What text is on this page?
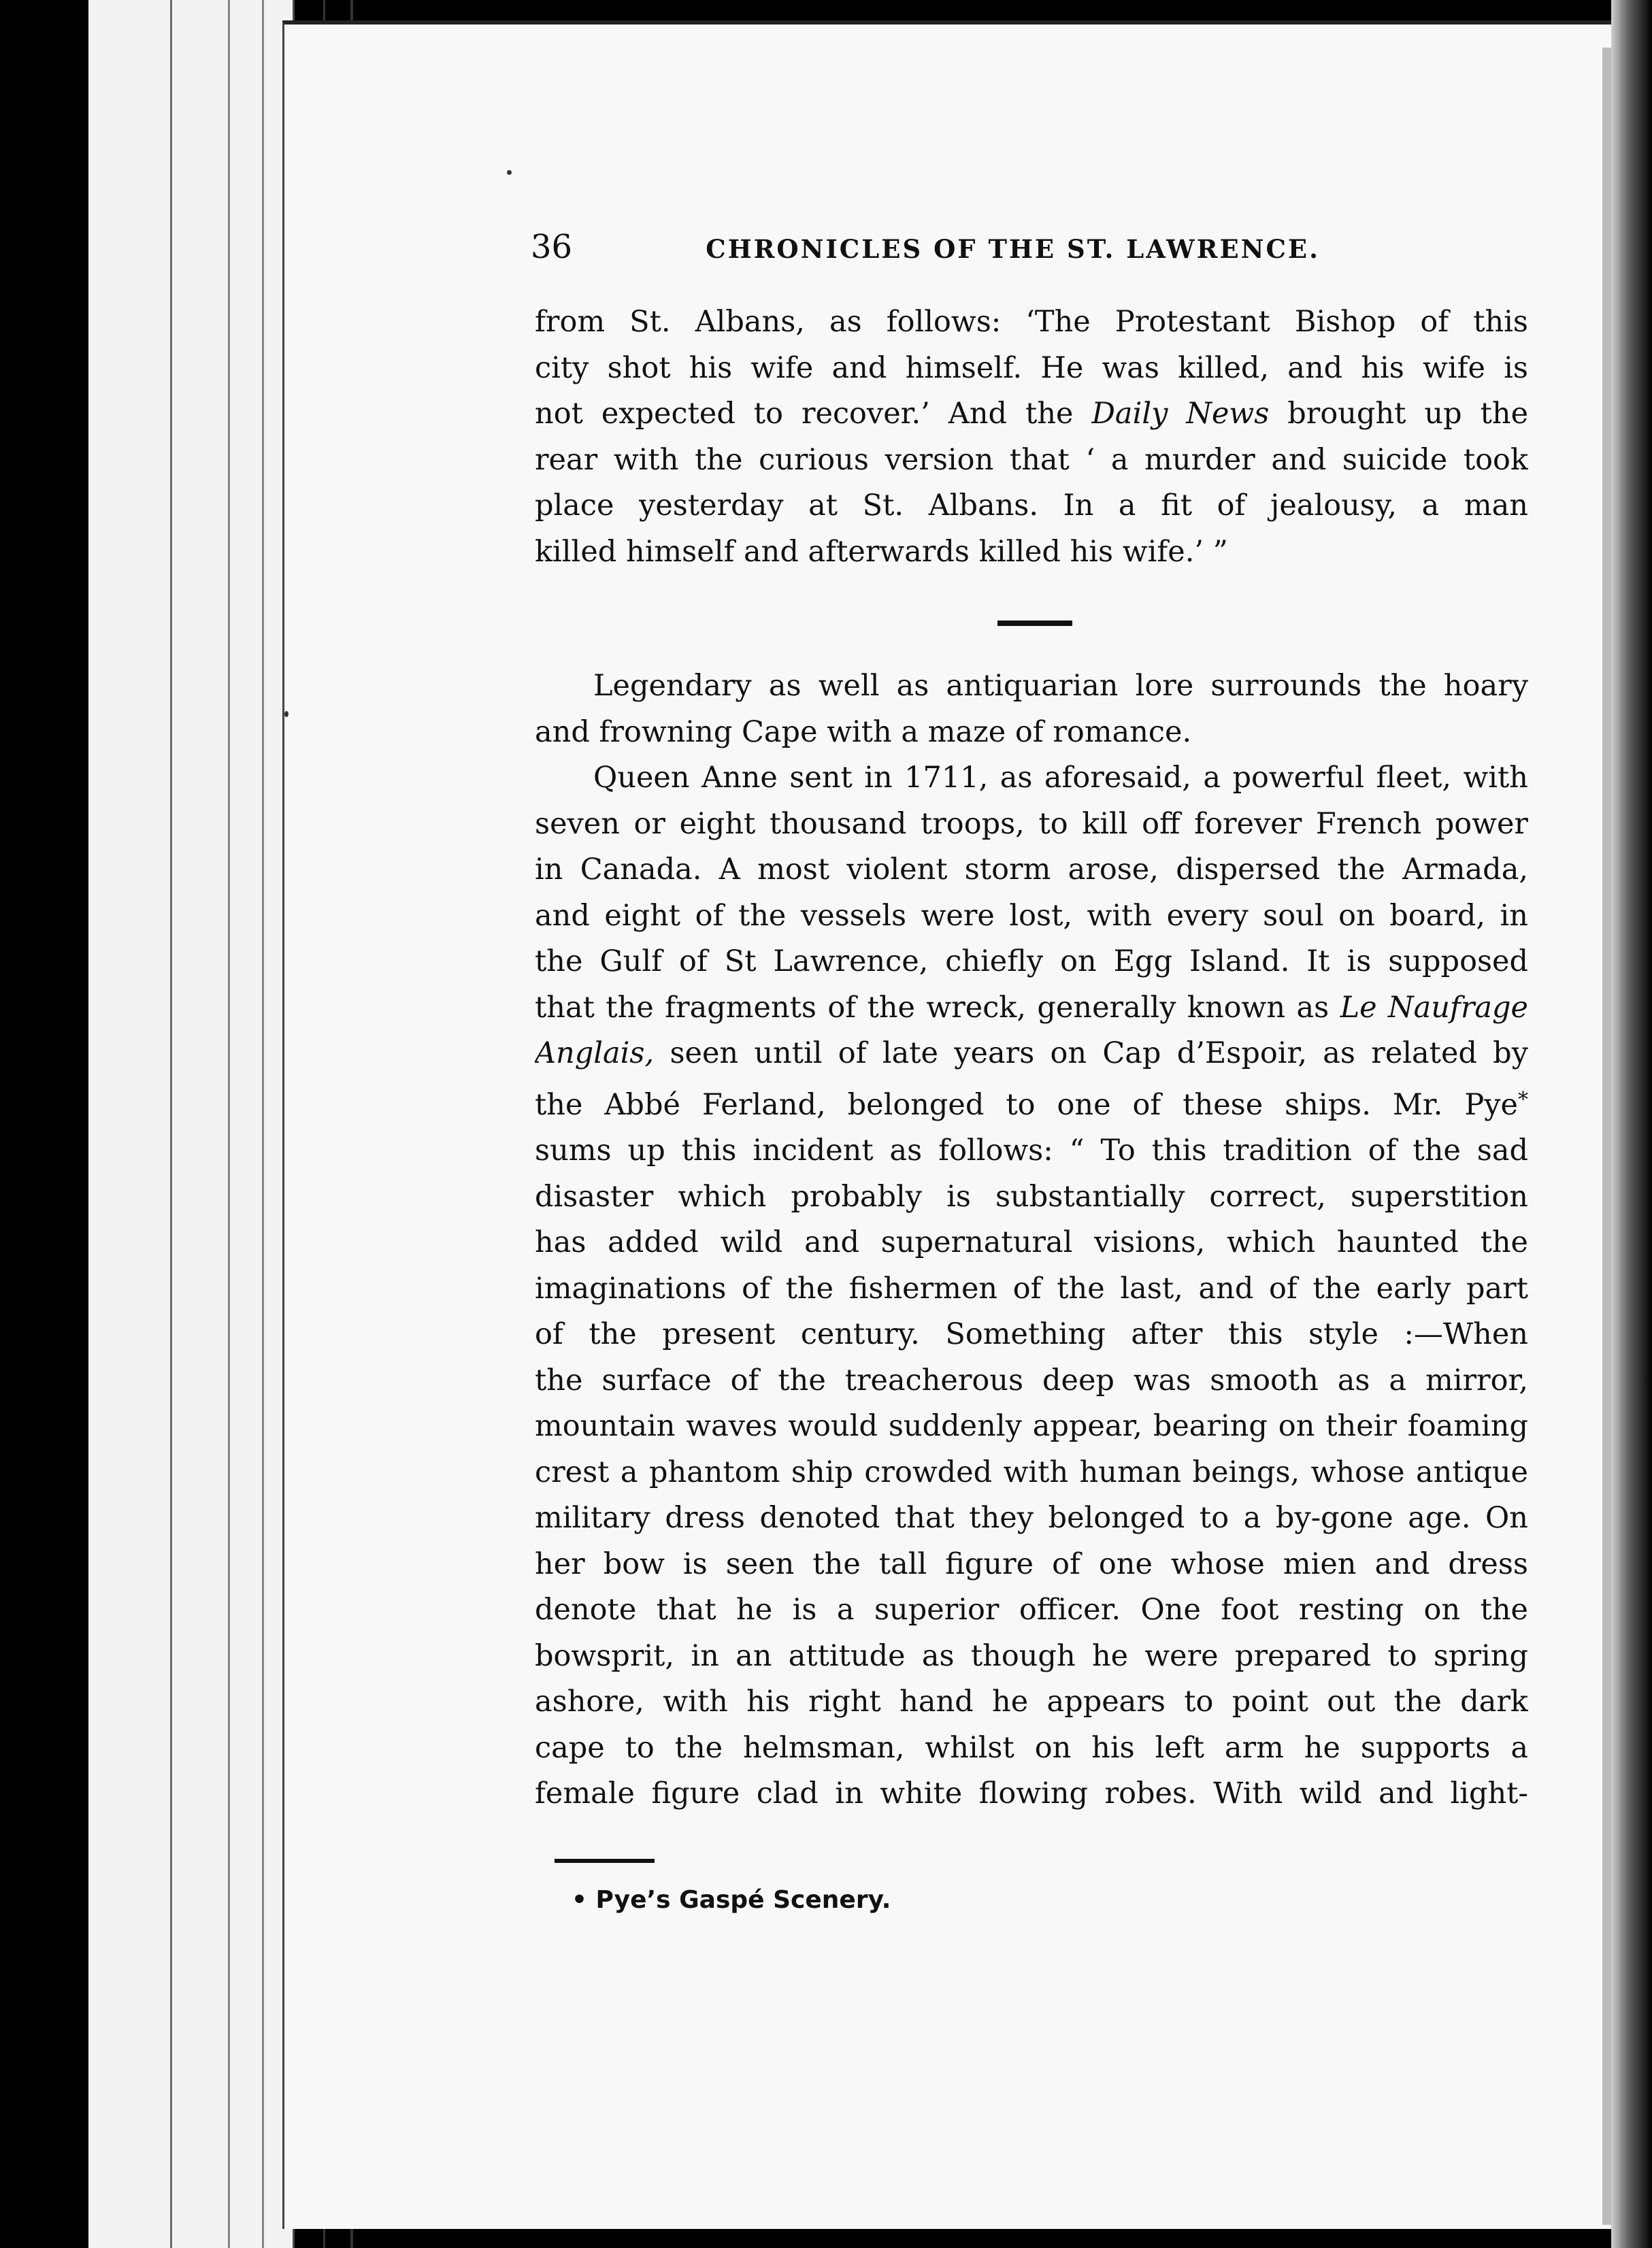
36	CHRONICLES OF THE ST. LAWRENCE.
from St. Albans, as follows: ‘The Protestant Bishop of this
city shot his wife and himself. He was killed, and his wife is
not expected to recover.’ And the Daily News brought up the
rear with the curious version that ‘ a murder and suicide took
place yesterday at St. Albans. In a fit of jealousy, a man
killed himself and afterwards killed his wife.’ ”
Legendary as well as antiquarian lore surrounds the hoary
and frowning Cape with a maze of romance.
Queen Anne sent in 1711, as aforesaid, a powerful fleet, with
seven or eight thousand troops, to kill off forever French power
in Canada. A most violent storm arose, dispersed the Armada,
and eight of the vessels were lost, with every soul on board, in
the Gulf of St Lawrence, chiefly on Egg Island. It is supposed
that the fragments of the wreck, generally known as Le Naufrage
Anglais, seen until of late years on Cap d’Espoir, as related by
the Abbé Ferland, belonged to one of these ships. Mr. Pye*
sums up this incident as follows: “ To this tradition of the sad
disaster which probably is substantially correct, superstition
has added wild and supernatural visions, which haunted the
imaginations of the fishermen of the last, and of the early part
of the present century. Something after this style :—When
the surface of the treacherous deep was smooth as a mirror,
mountain waves would suddenly appear, bearing on their foaming
crest a phantom ship crowded with human beings, whose antique
military dress denoted that they belonged to a by-gone age. On
her bow is seen the tall figure of one whose mien and dress
denote that he is a superior officer. One foot resting on the
bowsprit, in an attitude as though he were prepared to spring
ashore, with his right hand he appears to point out the dark
cape to the helmsman, whilst on his left arm he supports a
female figure clad in white flowing robes. With wild and light-
• Pye’s Gaspé Scenery.
